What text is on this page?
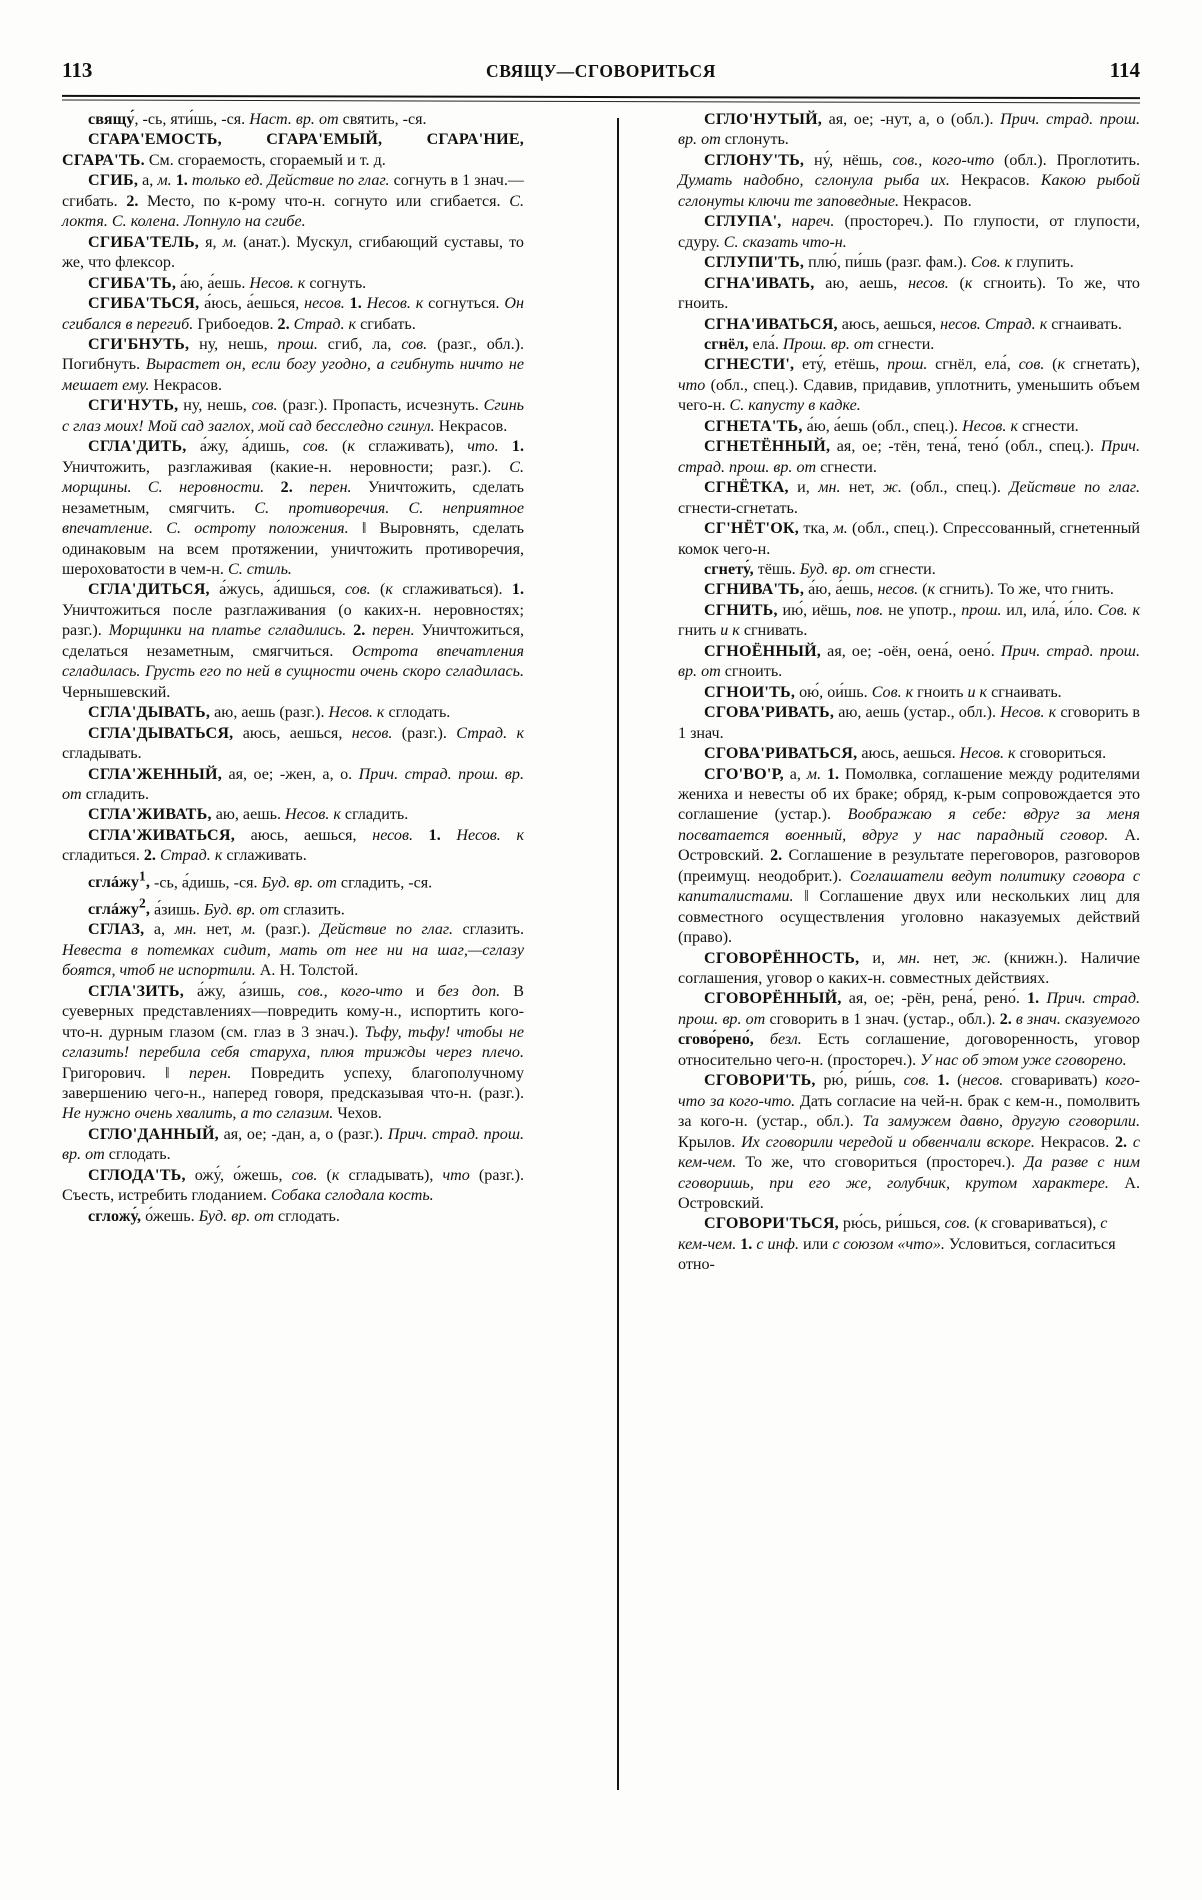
113	СВЯЩУ—СГОВОРИТЬСЯ	114

свящу́, -сь, яти́шь, -ся. Наст. вр. от святить, -ся.

СГАРА'ЕМОСТЬ, СГАРА'ЕМЫЙ, СГАРА'НИЕ, СГАРА'ТЬ. См. сгораемость, сгораемый и т. д.

СГИБ, а, м. 1. только ед. Действие по глаг. согнуть в 1 знач.—сгибать. 2. Место, по к-рому что-н. согнуто или сгибается. С. локтя. С. колена. Лопнуло на сгибе.

СГИБА'ТЕЛЬ, я, м. (анат.). Мускул, сгибающий суставы, то же, что флексор.

СГИБА'ТЬ, а́ю, а́ешь. Несов. к согнуть.

СГИБА'ТЬСЯ, а́юсь, а́ешься, несов. 1. Несов. к согнуться. Он сгибался в перегиб. Грибоедов. 2. Страд. к сгибать.

СГИ'БНУТЬ, ну, нешь, прош. сгиб, ла, сов. (разг., обл.). Погибнуть. Вырастет он, если богу угодно, а сгибнуть ничто не мешает ему. Некрасов.

СГИ'НУТЬ, ну, нешь, сов. (разг.). Пропасть, исчезнуть. Сгинь с глаз моих! Мой сад заглох, мой сад бесследно сгинул. Некрасов.

СГЛА'ДИТЬ, а́жу, а́дишь, сов. (к сглаживать), что. 1. Уничтожить, разглаживая (какие-н. неровности; разг.). С. морщины. С. неровности. 2. перен. Уничтожить, сделать незаметным, смягчить. С. противоречия. С. неприятное впечатление. С. остроту положения. ‖ Выровнять, сделать одинаковым на всем протяжении, уничтожить противоречия, шероховатости в чем-н. С. стиль.

СГЛА'ДИТЬСЯ, а́жусь, а́дишься, сов. (к сглаживаться). 1. Уничтожиться после разглаживания (о каких-н. неровностях; разг.). Морщинки на платье сгладились. 2. перен. Уничтожиться, сделаться незаметным, смягчиться. Острота впечатления сгладилась. Грусть его по ней в сущности очень скоро сгладилась. Чернышевский.

СГЛА'ДЫВАТЬ, аю, аешь (разг.). Несов. к сглодать.

СГЛА'ДЫВАТЬСЯ, аюсь, аешься, несов. (разг.). Страд. к сгладывать.

СГЛА'ЖЕННЫЙ, ая, ое; -жен, а, о. Прич. страд. прош. вр. от сгладить.

СГЛА'ЖИВАТЬ, аю, аешь. Несов. к сгладить.

СГЛА'ЖИВАТЬСЯ, аюсь, аешься, несов. 1. Несов. к сгладиться. 2. Страд. к сглаживать.

сглáжу$^1$, -сь, а́дишь, -ся. Буд. вр. от сгладить, -ся.

сглáжу$^2$, а́зишь. Буд. вр. от сглазить.

СГЛАЗ, а, мн. нет, м. (разг.). Действие по глаг. сглазить. Невеста в потемках сидит, мать от нее ни на шаг,—сглазу боятся, чтоб не испортили. А. Н. Толстой.

СГЛА'ЗИТЬ, а́жу, а́зишь, сов., кого-что и без доп. В суеверных представлениях—повредить кому-н., испортить кого-что-н. дурным глазом (см. глаз в 3 знач.). Тьфу, тьфу! чтобы не сглазить! перебила себя старуха, плюя трижды через плечо. Григорович. ‖ перен. Повредить успеху, благополучному завершению чего-н., наперед говоря, предсказывая что-н. (разг.). Не нужно очень хвалить, а то сглазим. Чехов.

СГЛО'ДАННЫЙ, ая, ое; -дан, а, о (разг.). Прич. страд. прош. вр. от сглодать.

СГЛОДА'ТЬ, ожу́, о́жешь, сов. (к сгладывать), что (разг.). Съесть, истребить глоданием. Собака сглодала кость.

сгложу́, о́жешь. Буд. вр. от сглодать.

СГЛО'НУТЫЙ, ая, ое; -нут, а, о (обл.). Прич. страд. прош. вр. от сглонуть.

СГЛОНУ'ТЬ, ну́, нёшь, сов., кого-что (обл.). Проглотить. Думать надобно, сглонула рыба их. Некрасов. Какою рыбой сглонуты ключи те заповедные. Некрасов.

СГЛУПА', нареч. (простореч.). По глупости, от глупости, сдуру. С. сказать что-н.

СГЛУПИ'ТЬ, плю́, пи́шь (разг. фам.). Сов. к глупить.

СГНА'ИВАТЬ, аю, аешь, несов. (к сгноить). То же, что гноить.

СГНА'ИВАТЬСЯ, аюсь, аешься, несов. Страд. к сгнаивать.

сгнёл, ела́. Прош. вр. от сгнести.

СГНЕСТИ', ету́, етёшь, прош. сгнёл, ела́, сов. (к сгнетать), что (обл., спец.). Сдавив, придавив, уплотнить, уменьшить объем чего-н. С. капусту в кадке.

СГНЕТА'ТЬ, а́ю, а́ешь (обл., спец.). Несов. к сгнести.

СГНЕТЁННЫЙ, ая, ое; -тён, тена́, тено́ (обл., спец.). Прич. страд. прош. вр. от сгнести.

СГНЁТКА, и, мн. нет, ж. (обл., спец.). Действие по глаг. сгнести-сгнетать.

СГ'НЁТ'ОК, тка, м. (обл., спец.). Спрессованный, сгнетенный комок чего-н.

сгнету́, тёшь. Буд. вр. от сгнести.

СГНИВА'ТЬ, а́ю, а́ешь, несов. (к сгнить). То же, что гнить.

СГНИТЬ, ию́, иёшь, пов. не употр., прош. ил, ила́, и́ло. Сов. к гнить и к сгнивать.

СГНОЁННЫЙ, ая, ое; -оён, оена́, оено́. Прич. страд. прош. вр. от сгноить.

СГНОИ'ТЬ, ою́, ои́шь. Сов. к гноить и к сгнаивать.

СГОВА'РИВАТЬ, аю, аешь (устар., обл.). Несов. к сговорить в 1 знач.

СГОВА'РИВАТЬСЯ, аюсь, аешься. Несов. к сговориться.

СГО'ВО'Р, а, м. 1. Помолвка, соглашение между родителями жениха и невесты об их браке; обряд, к-рым сопровождается это соглашение (устар.). Воображаю я себе: вдруг за меня посватается военный, вдруг у нас парадный сговор. А. Островский. 2. Соглашение в результате переговоров, разговоров (преимущ. неодобрит.). Соглашатели ведут политику сговора с капиталистами. ‖ Соглашение двух или нескольких лиц для совместного осуществления уголовно наказуемых действий (право).

СГОВОРЁННОСТЬ, и, мн. нет, ж. (книжн.). Наличие соглашения, уговор о каких-н. совместных действиях.

СГОВОРЁННЫЙ, ая, ое; -рён, рена́, рено́. 1. Прич. страд. прош. вр. от сговорить в 1 знач. (устар., обл.). 2. в знач. сказуемого сгово́рено́, безл. Есть соглашение, договоренность, уговор относительно чего-н. (простореч.). У нас об этом уже сговорено.

СГОВОРИ'ТЬ, рю́, ри́шь, сов. 1. (несов. сговаривать) кого-что за кого-что. Дать согласие на чей-н. брак с кем-н., помолвить за кого-н. (устар., обл.). Та замужем давно, другую сговорили. Крылов. Их сговорили чередой и обвенчали вскоре. Некрасов. 2. с кем-чем. То же, что сговориться (простореч.). Да разве с ним сговоришь, при его же, голубчик, крутом характере. А. Островский.

СГОВОРИ'ТЬСЯ, рю́сь, ри́шься, сов. (к сговариваться), с кем-чем. 1. с инф. или с союзом «что». Условиться, согласиться отно-
